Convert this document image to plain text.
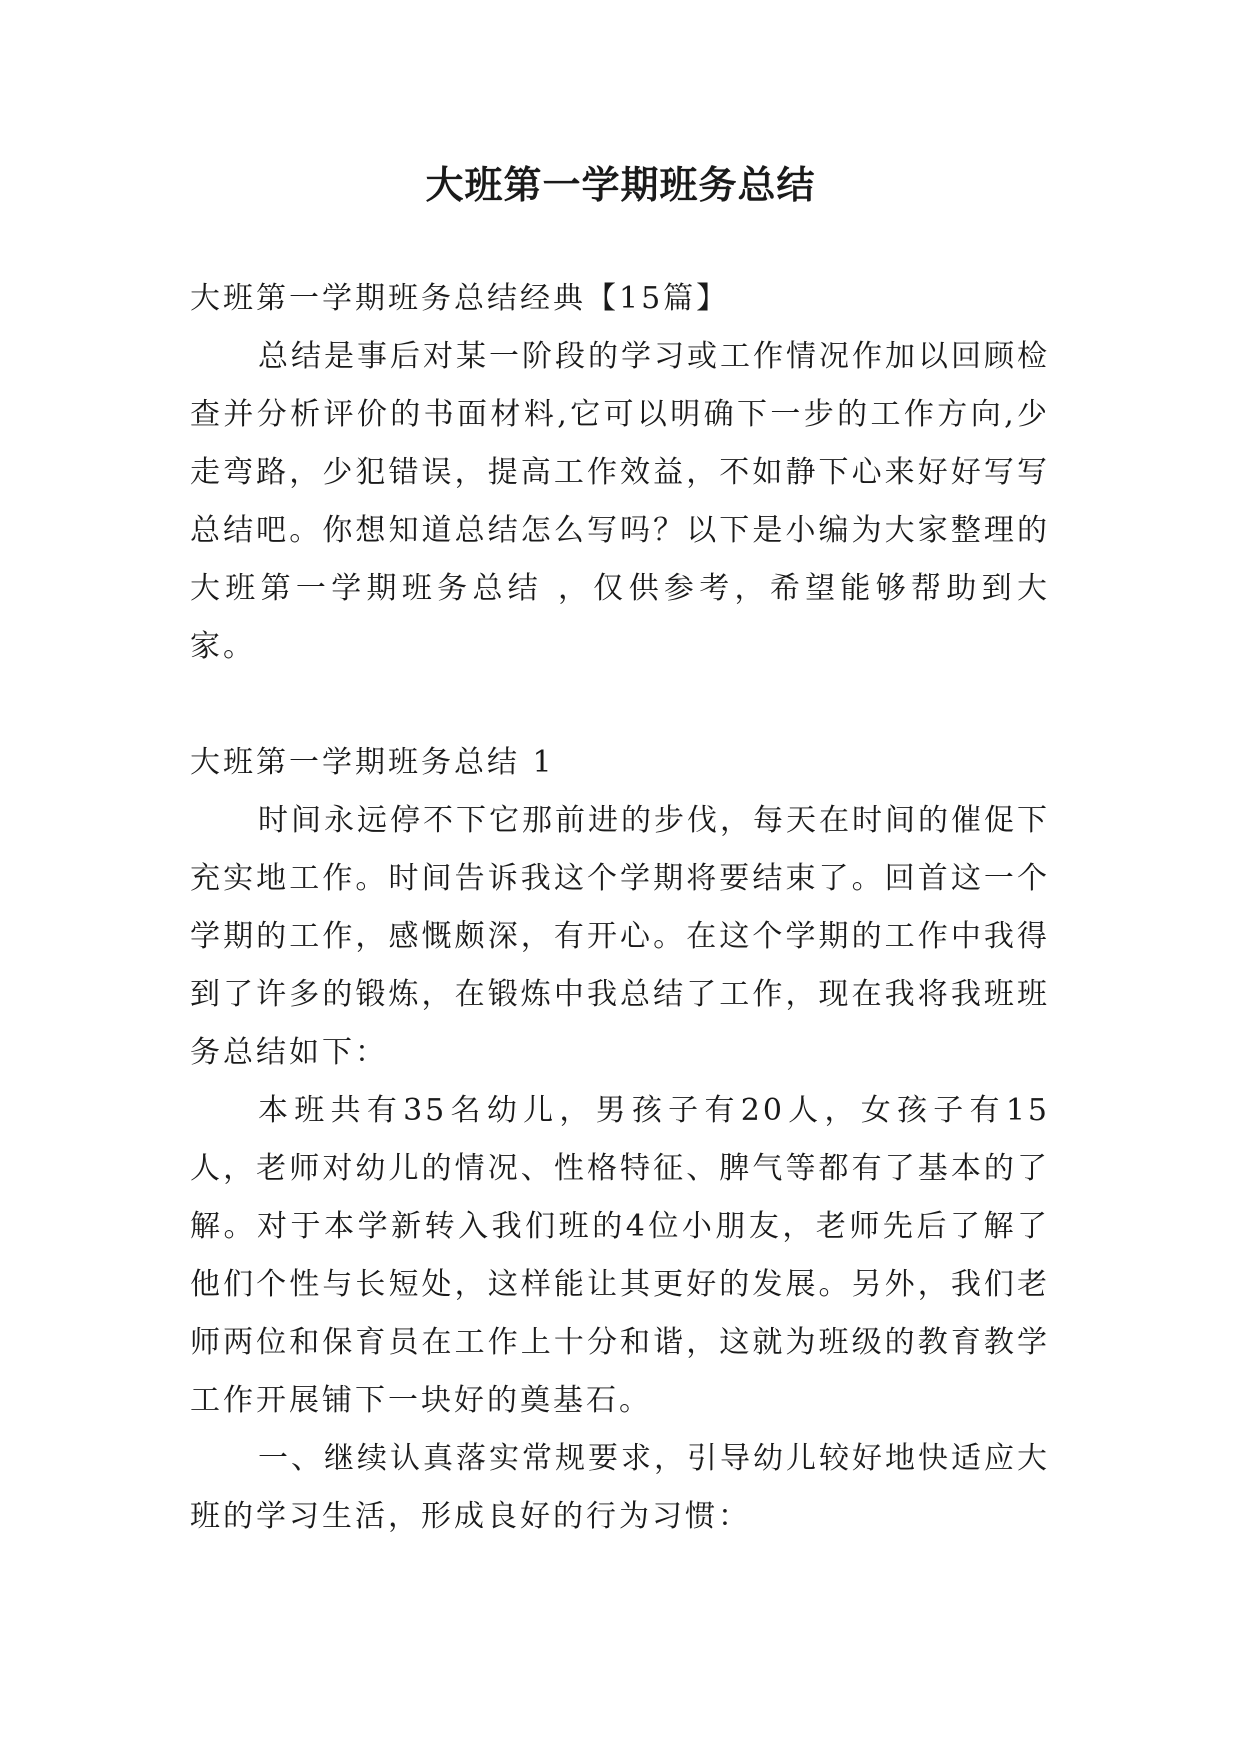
大班第一学期班务总结

大班第一学期班务总结经典【15篇】

总结是事后对某一阶段的学习或工作情况作加以回顾检查并分析评价的书面材料,它可以明确下一步的工作方向,少走弯路，少犯错误，提高工作效益，不如静下心来好好写写总结吧。你想知道总结怎么写吗？以下是小编为大家整理的大班第一学期班务总结 ，仅供参考，希望能够帮助到大家。

大班第一学期班务总结 1

时间永远停不下它那前进的步伐，每天在时间的催促下充实地工作。时间告诉我这个学期将要结束了。回首这一个学期的工作，感慨颇深，有开心。在这个学期的工作中我得到了许多的锻炼，在锻炼中我总结了工作，现在我将我班班务总结如下：

本班共有35名幼儿，男孩子有20人，女孩子有15人，老师对幼儿的情况、性格特征、脾气等都有了基本的了解。对于本学新转入我们班的4位小朋友，老师先后了解了他们个性与长短处，这样能让其更好的发展。另外，我们老师两位和保育员在工作上十分和谐，这就为班级的教育教学工作开展铺下一块好的奠基石。

一、继续认真落实常规要求，引导幼儿较好地快适应大班的学习生活，形成良好的行为习惯：
